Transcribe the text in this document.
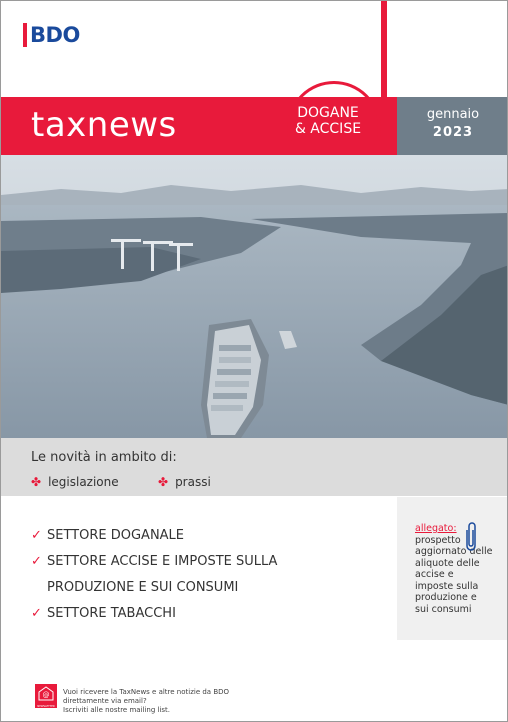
BDO
taxnews	DOGANE
& ACCISE
gennaio
2023
Le novità in ambito di:
✤ legislazione	✤ prassi
✓ SETTORE DOGANALE
✓ SETTORE ACCISE E IMPOSTE SULLA
PRODUZIONE E SUI CONSUMI
✓ SETTORE TABACCHI
allegato:
prospetto aggiornato delle aliquote delle accise e imposte sulla produzione e sui consumi
@
NEWSLETTER
Vuoi ricevere la TaxNews e altre notizie da BDO
direttamente via email?
Iscriviti alle nostre mailing list.
